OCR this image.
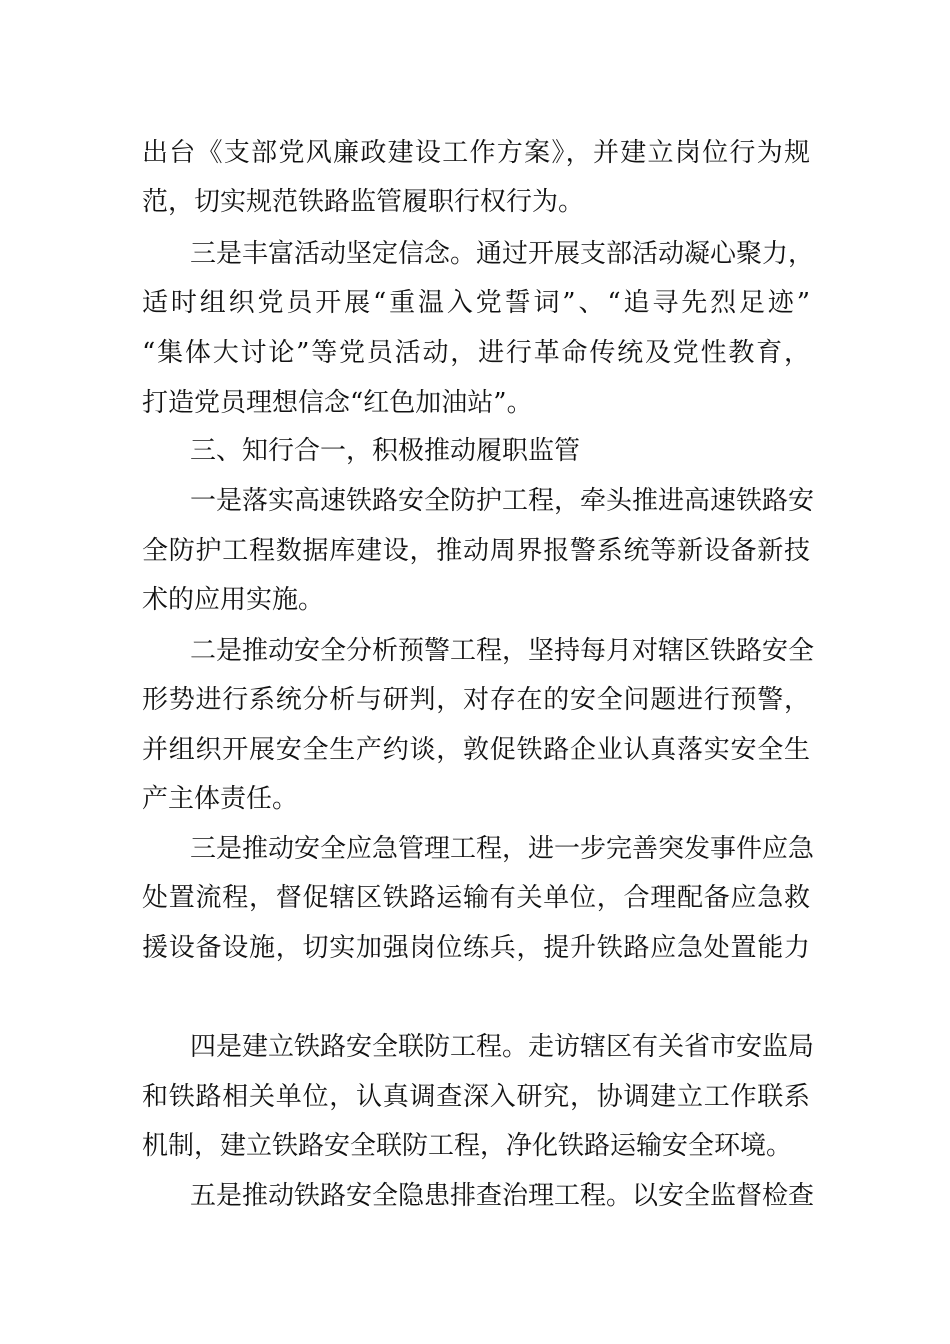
出台《支部党风廉政建设工作方案》，并建立岗位行为规
范，切实规范铁路监管履职行权行为。
三是丰富活动坚定信念。通过开展支部活动凝心聚力，
适时组织党员开展“重温入党誓词”、“追寻先烈足迹”
“集体大讨论”等党员活动，进行革命传统及党性教育，
打造党员理想信念“红色加油站”。
三、知行合一，积极推动履职监管
一是落实高速铁路安全防护工程，牵头推进高速铁路安
全防护工程数据库建设，推动周界报警系统等新设备新技
术的应用实施。
二是推动安全分析预警工程，坚持每月对辖区铁路安全
形势进行系统分析与研判，对存在的安全问题进行预警，
并组织开展安全生产约谈，敦促铁路企业认真落实安全生
产主体责任。
三是推动安全应急管理工程，进一步完善突发事件应急
处置流程，督促辖区铁路运输有关单位，合理配备应急救
援设备设施，切实加强岗位练兵，提升铁路应急处置能力
四是建立铁路安全联防工程。走访辖区有关省市安监局
和铁路相关单位，认真调查深入研究，协调建立工作联系
机制，建立铁路安全联防工程，净化铁路运输安全环境。
五是推动铁路安全隐患排查治理工程。以安全监督检查
